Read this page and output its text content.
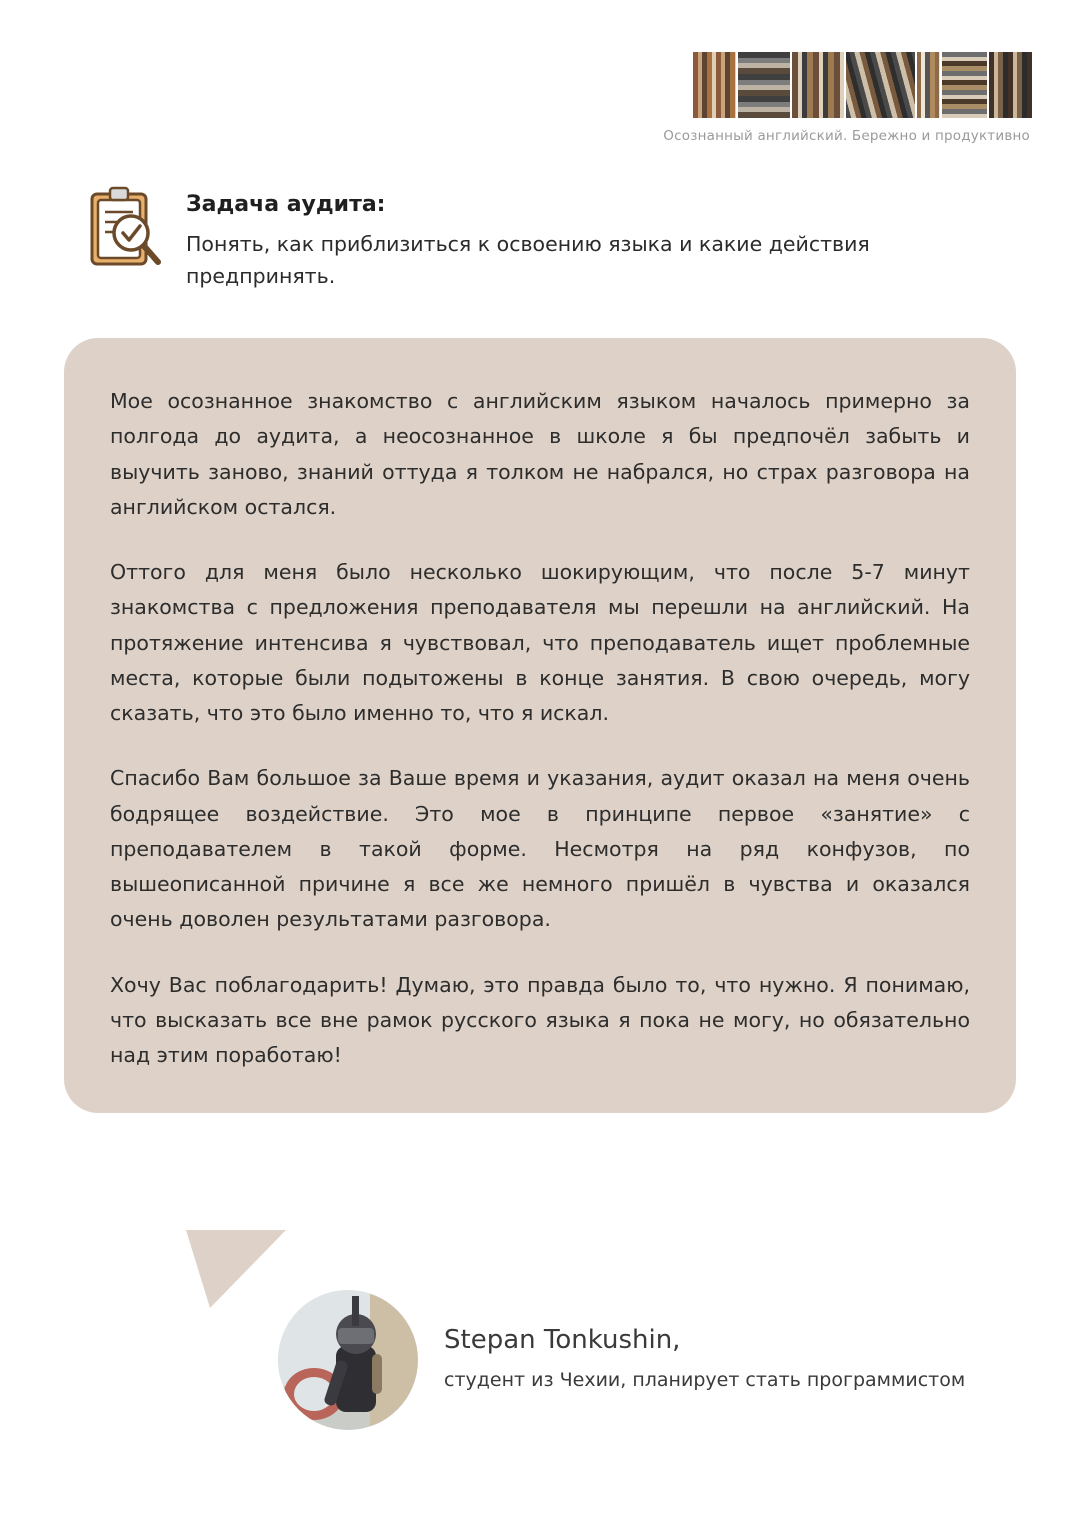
Осознанный английский. Бережно и продуктивно
Задача аудита:

Понять, как приблизиться к освоению языка и какие действия предпринять.

Мое осознанное знакомство с английским языком началось примерно за полгода до аудита, а неосознанное в школе я бы предпочёл забыть и выучить заново, знаний оттуда я толком не набрался, но страх разговора на английском остался.

Оттого для меня было несколько шокирующим, что после 5-7 минут знакомства с предложения преподавателя мы перешли на английский. На протяжение интенсива я чувствовал, что преподаватель ищет проблемные места, которые были подытожены в конце занятия. В свою очередь, могу сказать, что это было именно то, что я искал.

Спасибо Вам большое за Ваше время и указания, аудит оказал на меня очень бодрящее воздействие. Это мое в принципе первое «занятие» с преподавателем в такой форме. Несмотря на ряд конфузов, по вышеописанной причине я все же немного пришёл в чувства и оказался очень доволен результатами разговора.

Хочу Вас поблагодарить! Думаю, это правда было то, что нужно. Я понимаю, что высказать все вне рамок русского языка я пока не могу, но обязательно над этим поработаю!

Stepan Tonkushin,

студент из Чехии, планирует стать программистом
